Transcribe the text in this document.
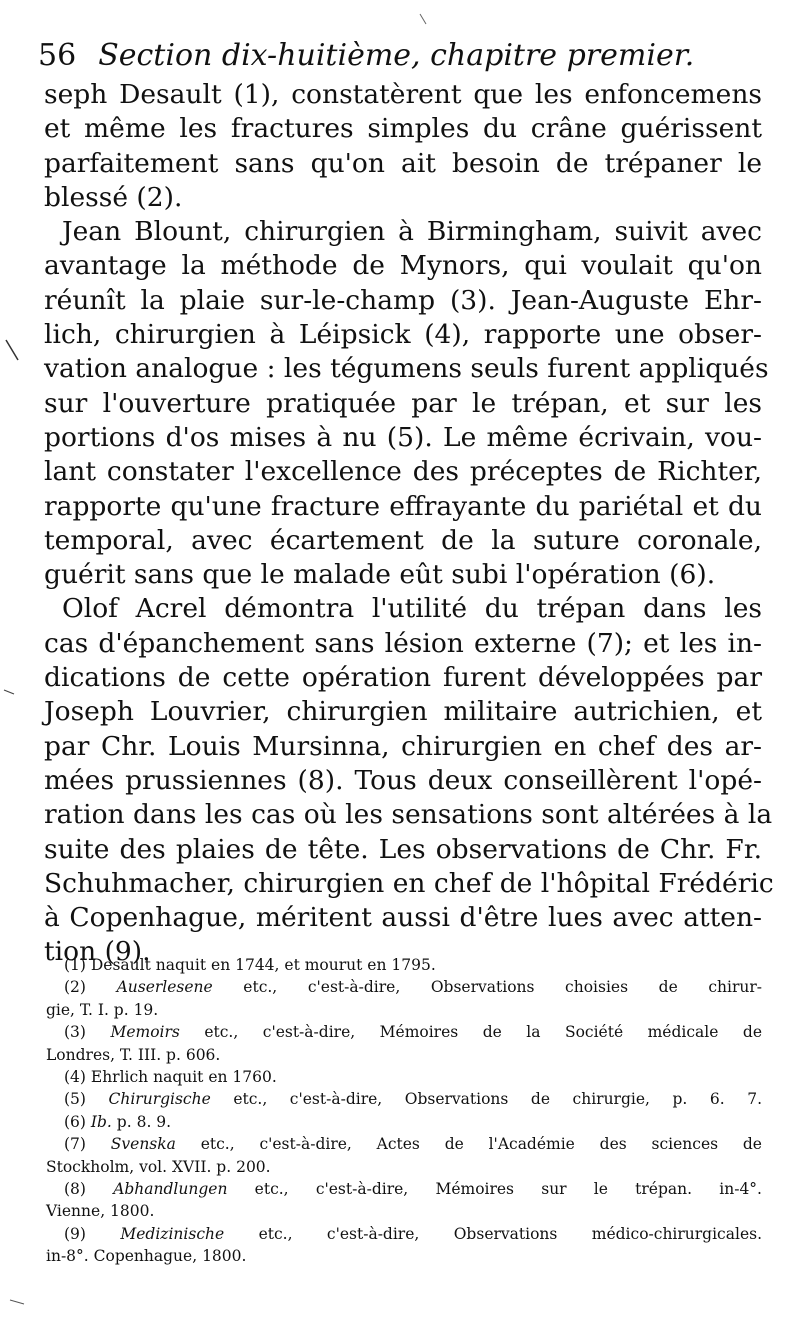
56 Section dix-huitième, chapitre premier.
seph Desault (1), constatèrent que les enfoncemens
et même les fractures simples du crâne guérissent
parfaitement sans qu'on ait besoin de trépaner le
blessé (2).
Jean Blount, chirurgien à Birmingham, suivit avec
avantage la méthode de Mynors, qui voulait qu'on
réunît la plaie sur-le-champ (3). Jean-Auguste Ehr-
lich, chirurgien à Léipsick (4), rapporte une obser-
vation analogue : les tégumens seuls furent appliqués
sur l'ouverture pratiquée par le trépan, et sur les
portions d'os mises à nu (5). Le même écrivain, vou-
lant constater l'excellence des préceptes de Richter,
rapporte qu'une fracture effrayante du pariétal et du
temporal, avec écartement de la suture coronale,
guérit sans que le malade eût subi l'opération (6).
Olof Acrel démontra l'utilité du trépan dans les
cas d'épanchement sans lésion externe (7); et les in-
dications de cette opération furent développées par
Joseph Louvrier, chirurgien militaire autrichien, et
par Chr. Louis Mursinna, chirurgien en chef des ar-
mées prussiennes (8). Tous deux conseillèrent l'opé-
ration dans les cas où les sensations sont altérées à la
suite des plaies de tête. Les observations de Chr. Fr.
Schuhmacher, chirurgien en chef de l'hôpital Frédéric
à Copenhague, méritent aussi d'être lues avec atten-
tion (9).
(1) Desault naquit en 1744, et mourut en 1795.
(2) Auserlesene etc., c'est-à-dire, Observations choisies de chirur-
gie, T. I. p. 19.
(3) Memoirs etc., c'est-à-dire, Mémoires de la Société médicale de
Londres, T. III. p. 606.
(4) Ehrlich naquit en 1760.
(5) Chirurgische etc., c'est-à-dire, Observations de chirurgie, p. 6. 7.
(6) Ib. p. 8. 9.
(7) Svenska etc., c'est-à-dire, Actes de l'Académie des sciences de
Stockholm, vol. XVII. p. 200.
(8) Abhandlungen etc., c'est-à-dire, Mémoires sur le trépan. in-4°.
Vienne, 1800.
(9) Medizinische etc., c'est-à-dire, Observations médico-chirurgicales.
in-8°. Copenhague, 1800.
